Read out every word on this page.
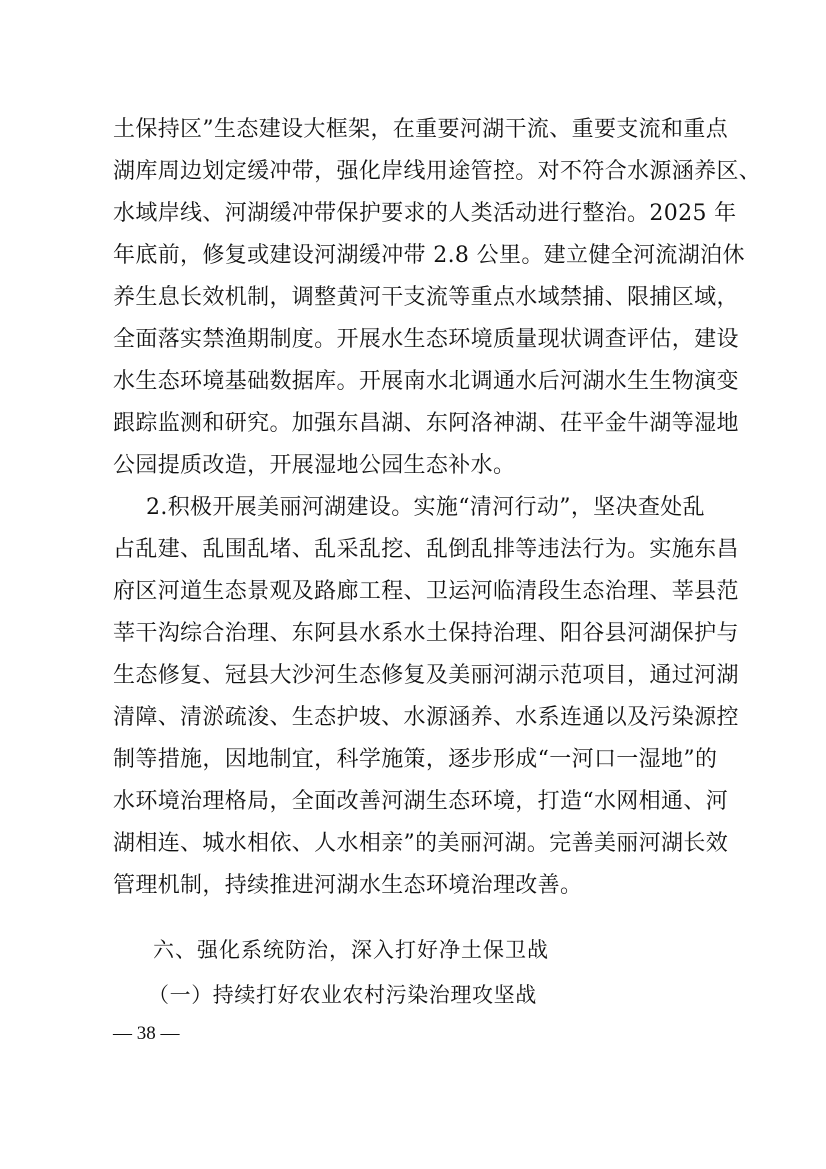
土保持区”生态建设大框架，在重要河湖干流、重要支流和重点
湖库周边划定缓冲带，强化岸线用途管控。对不符合水源涵养区、
水域岸线、河湖缓冲带保护要求的人类活动进行整治。2025 年
年底前，修复或建设河湖缓冲带 2.8 公里。建立健全河流湖泊休
养生息长效机制，调整黄河干支流等重点水域禁捕、限捕区域，
全面落实禁渔期制度。开展水生态环境质量现状调查评估，建设
水生态环境基础数据库。开展南水北调通水后河湖水生生物演变
跟踪监测和研究。加强东昌湖、东阿洛神湖、茌平金牛湖等湿地
公园提质改造，开展湿地公园生态补水。
2.积极开展美丽河湖建设。实施“清河行动”，坚决查处乱
占乱建、乱围乱堵、乱采乱挖、乱倒乱排等违法行为。实施东昌
府区河道生态景观及路廊工程、卫运河临清段生态治理、莘县范
莘干沟综合治理、东阿县水系水土保持治理、阳谷县河湖保护与
生态修复、冠县大沙河生态修复及美丽河湖示范项目，通过河湖
清障、清淤疏浚、生态护坡、水源涵养、水系连通以及污染源控
制等措施，因地制宜，科学施策，逐步形成“一河口一湿地”的
水环境治理格局，全面改善河湖生态环境，打造“水网相通、河
湖相连、城水相依、人水相亲”的美丽河湖。完善美丽河湖长效
管理机制，持续推进河湖水生态环境治理改善。
六、强化系统防治，深入打好净土保卫战
（一）持续打好农业农村污染治理攻坚战
— 38 —
